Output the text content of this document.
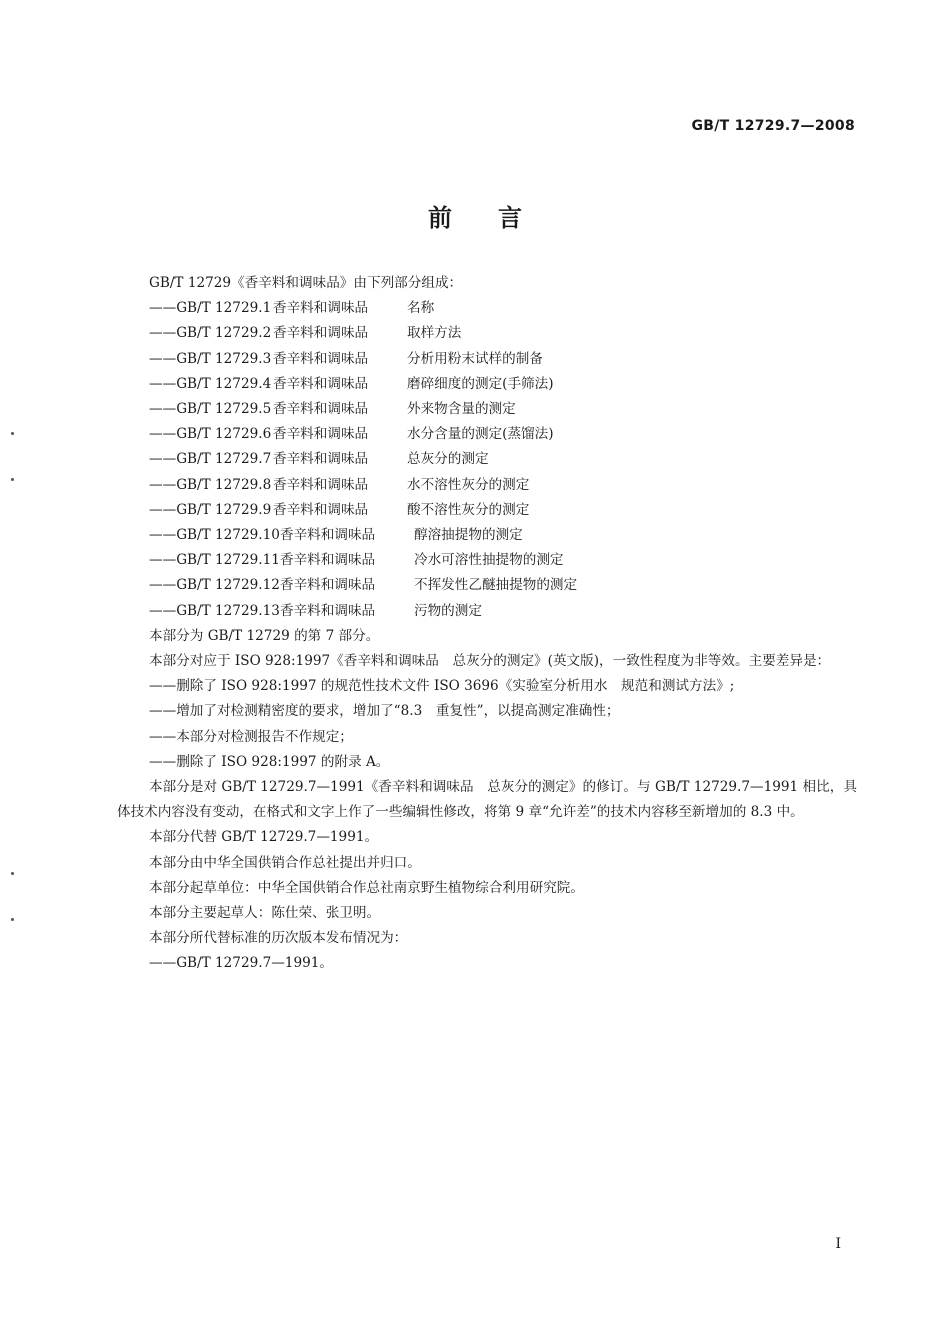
GB/T 12729.7—2008
前言

GB/T 12729《香辛料和调味品》由下列部分组成：

——GB/T 12729.1 香辛料和调味品	名称
——GB/T 12729.2 香辛料和调味品	取样方法
——GB/T 12729.3 香辛料和调味品	分析用粉末试样的制备
——GB/T 12729.4 香辛料和调味品	磨碎细度的测定(手筛法)
——GB/T 12729.5 香辛料和调味品	外来物含量的测定
——GB/T 12729.6 香辛料和调味品	水分含量的测定(蒸馏法)
——GB/T 12729.7 香辛料和调味品	总灰分的测定
——GB/T 12729.8 香辛料和调味品	水不溶性灰分的测定
——GB/T 12729.9 香辛料和调味品	酸不溶性灰分的测定
——GB/T 12729.10 香辛料和调味品	醇溶抽提物的测定
——GB/T 12729.11 香辛料和调味品	冷水可溶性抽提物的测定
——GB/T 12729.12 香辛料和调味品	不挥发性乙醚抽提物的测定
——GB/T 12729.13 香辛料和调味品	污物的测定

本部分为 GB/T 12729 的第 7 部分。

本部分对应于 ISO 928:1997《香辛料和调味品　总灰分的测定》(英文版)，一致性程度为非等效。主要差异是：

——删除了 ISO 928:1997 的规范性技术文件 ISO 3696《实验室分析用水　规范和测试方法》;
——增加了对检测精密度的要求，增加了“8.3　重复性”，以提高测定准确性；
——本部分对检测报告不作规定；
——删除了 ISO 928:1997 的附录 A。

本部分是对 GB/T 12729.7—1991《香辛料和调味品　总灰分的测定》的修订。与 GB/T 12729.7—1991 相比，具体技术内容没有变动，在格式和文字上作了一些编辑性修改，将第 9 章“允许差”的技术内容移至新增加的 8.3 中。

本部分代替 GB/T 12729.7—1991。

本部分由中华全国供销合作总社提出并归口。

本部分起草单位：中华全国供销合作总社南京野生植物综合利用研究院。

本部分主要起草人：陈仕荣、张卫明。

本部分所代替标准的历次版本发布情况为：

——GB/T 12729.7—1991。
I
